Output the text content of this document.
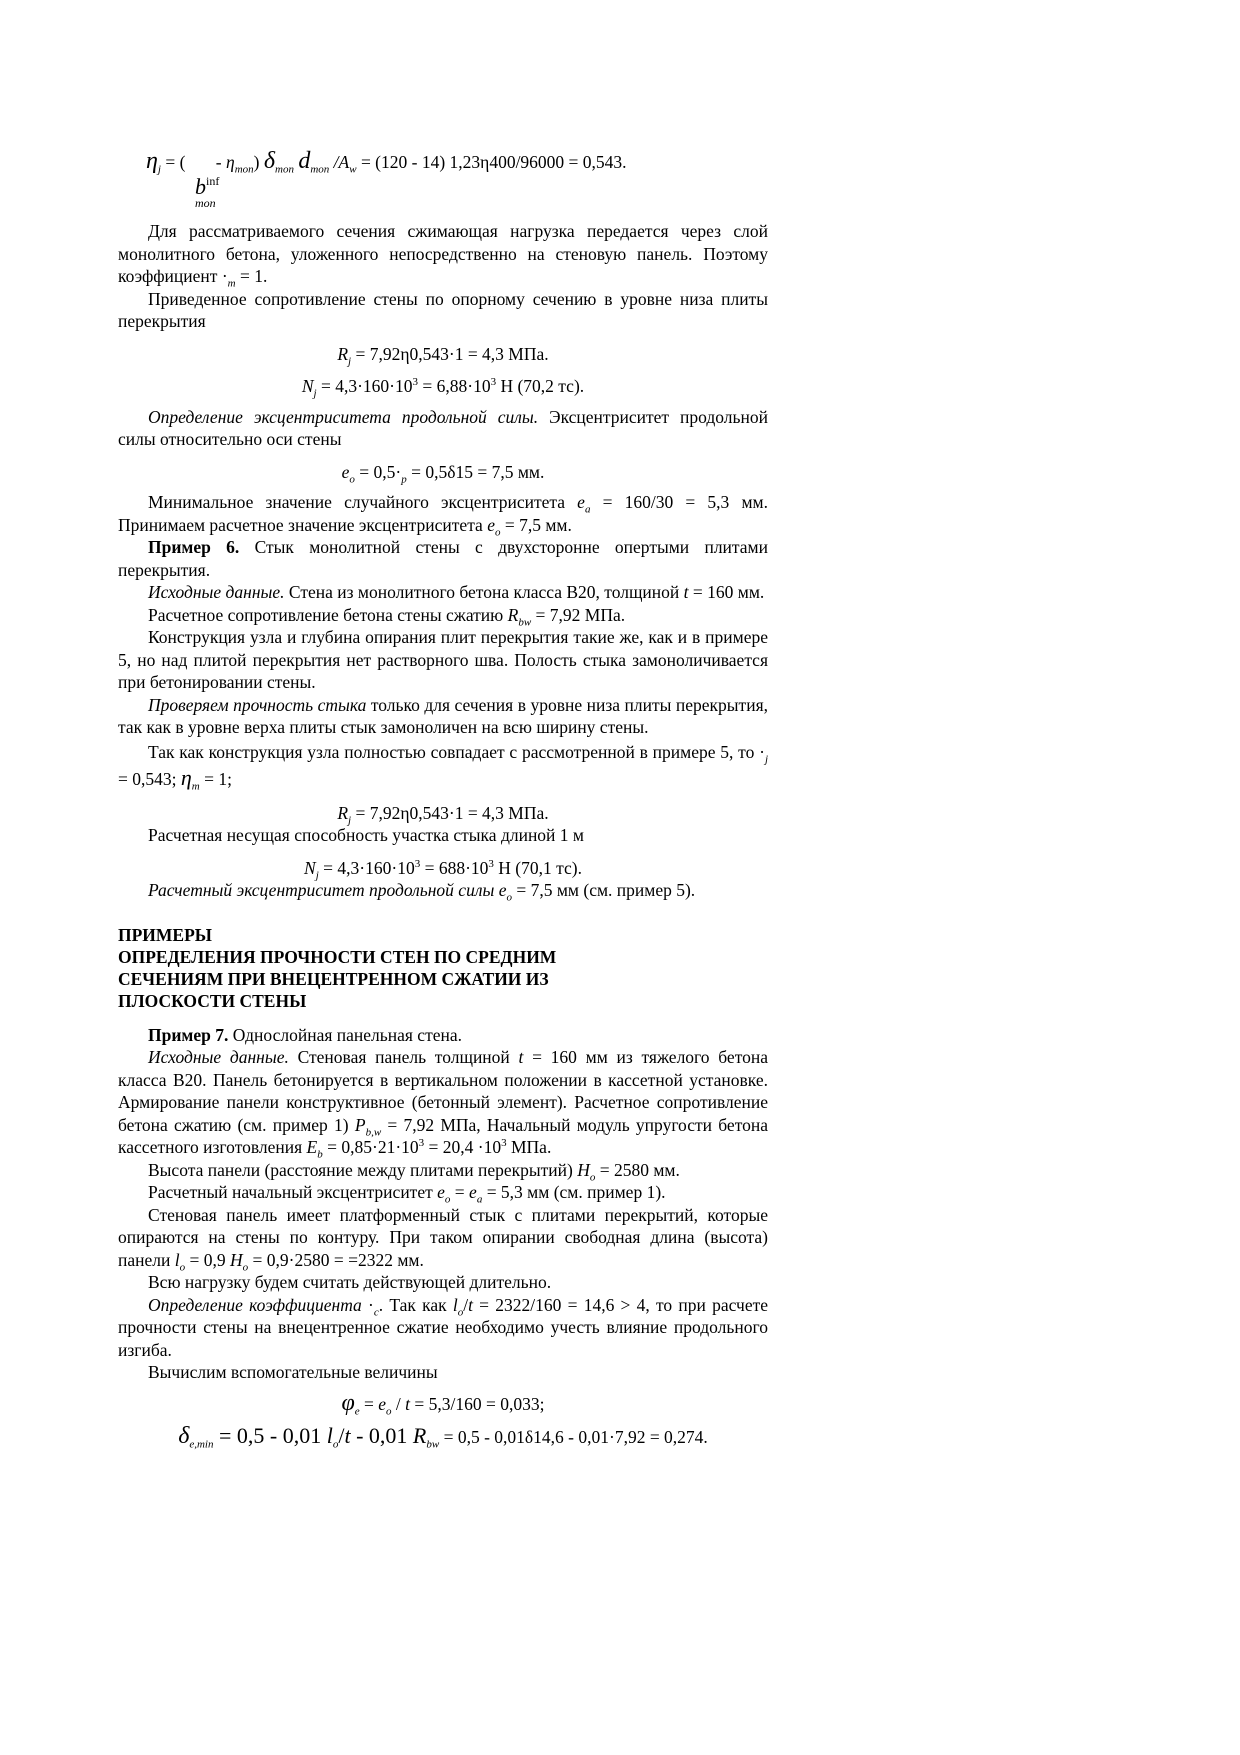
$\eta_j$ = ( - $\eta_{mon}$) $\delta_{mon}$ $d_{mon}$ $/A_w = (120 - 14) 1,23\eta 400/96000 = 0,543$.
$b^{inf}$
$^{mon}$

Для рассматриваемого сечения сжимающая нагрузка передается через слой монолитного бетона, уложенного непосредственно на стеновую панель. Поэтому коэффициент $\cdot_m = 1$.

Приведенное сопротивление стены по опорному сечению в уровне низа плиты перекрытия

$R_j = 7,92\eta 0,543\cdot 1 = 4,3$ МПа.

$N_j = 4,3\cdot 160\cdot 10^3 = 6,88\cdot 10^3$ Н (70,2 тс).

Определение эксцентриситета продольной силы. Эксцентриситет продольной силы относительно оси стены

$e_o = 0,5\cdot_p = 0,5\delta 15 = 7,5$ мм.

Минимальное значение случайного эксцентриситета $e_a = 160/30 = 5,3$ мм. Принимаем расчетное значение эксцентриситета $e_o = 7,5$ мм.

Пример 6. Стык монолитной стены с двухсторонне опертыми плитами перекрытия.

Исходные данные. Стена из монолитного бетона класса В20, толщиной t = 160 мм.

Расчетное сопротивление бетона стены сжатию $R_{bw} = 7,92$ МПа.

Конструкция узла и глубина опирания плит перекрытия такие же, как и в примере 5, но над плитой перекрытия нет растворного шва. Полость стыка замоноличивается при бетонировании стены.

Проверяем прочность стыка только для сечения в уровне низа плиты перекрытия, так как в уровне верха плиты стык замоноличен на всю ширину стены.

Так как конструкция узла полностью совпадает с рассмотренной в примере 5, то $\cdot_j = 0,543$; $\eta_m = 1$;

$R_j = 7,92\eta 0,543\cdot 1 = 4,3$ МПа.

Расчетная несущая способность участка стыка длиной 1 м

$N_j = 4,3\cdot 160\cdot 10^3 = 688\cdot 10^3$ Н (70,1 тс).

Расчетный эксцентриситет продольной силы $e_o = 7,5$ мм (см. пример 5).

ПРИМЕРЫ
ОПРЕДЕЛЕНИЯ ПРОЧНОСТИ СТЕН ПО СРЕДНИМ
СЕЧЕНИЯМ ПРИ ВНЕЦЕНТРЕННОМ СЖАТИИ ИЗ
ПЛОСКОСТИ СТЕНЫ

Пример 7. Однослойная панельная стена.

Исходные данные. Стеновая панель толщиной t = 160 мм из тяжелого бетона класса В20. Панель бетонируется в вертикальном положении в кассетной установке. Армирование панели конструктивное (бетонный элемент). Расчетное сопротивление бетона сжатию (см. пример 1) $P_{b,w} = 7,92$ МПа, Начальный модуль упругости бетона кассетного изготовления $E_b = 0,85\cdot 21\cdot 10^3 = 20,4 \cdot 10^3$ МПа.

Высота панели (расстояние между плитами перекрытий) $H_o = 2580$ мм.

Расчетный начальный эксцентриситет $e_o = e_a = 5,3$ мм (см. пример 1).

Стеновая панель имеет платформенный стык с плитами перекрытий, которые опираются на стены по контуру. При таком опирании свободная длина (высота) панели $l_o = 0,9$ $H_o = 0,9\cdot 2580 = =2322$ мм.

Всю нагрузку будем считать действующей длительно.

Определение коэффициента $\cdot_c$. Так как $l_o/t = 2322/160 = 14,6 > 4$, то при расчете прочности стены на внецентренное сжатие необходимо учесть влияние продольного изгиба.

Вычислим вспомогательные величины

$\varphi_e = e_o / t = 5,3/160 = 0,033$;

$\delta_{e,min} = 0,5 - 0,01$ $l_o/t - 0,01$ $R_{bw} = 0,5 - 0,01\delta 14,6 - 0,01\cdot 7,92 = 0,274$.
